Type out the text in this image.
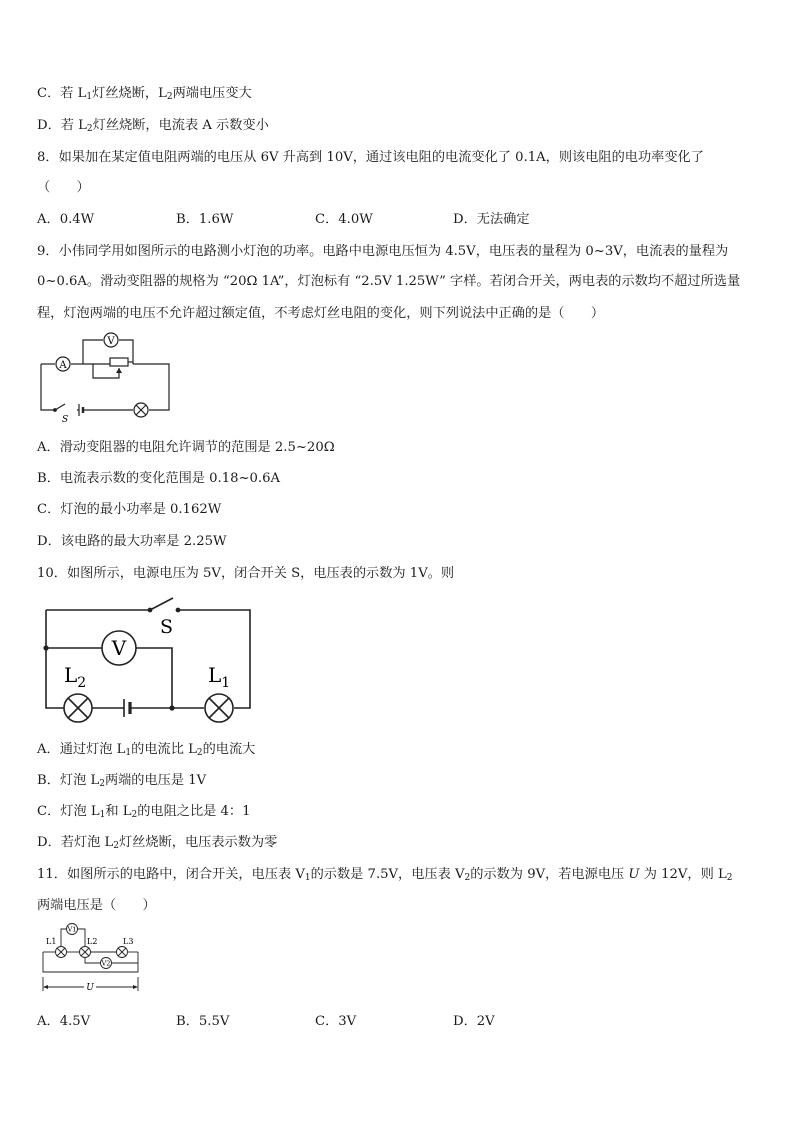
C．若 $L_1$灯丝烧断，$L_2$两端电压变大
D．若 $L_2$灯丝烧断，电流表 A 示数变小
8．如果加在某定值电阻两端的电压从 6V 升高到 10V，通过该电阻的电流变化了 0.1A，则该电阻的电功率变化了
（　　）
A．0.4W	B．1.6W	C．4.0W	D．无法确定
9．小伟同学用如图所示的电路测小灯泡的功率。电路中电源电压恒为 4.5V，电压表的量程为 0~3V，电流表的量程为
0~0.6A。滑动变阻器的规格为 “20Ω 1A”，灯泡标有 “2.5V 1.25W” 字样。若闭合开关，两电表的示数均不超过所选量
程，灯泡两端的电压不允许超过额定值，不考虑灯丝电阻的变化，则下列说法中正确的是（　　）
A
V
S
A．滑动变阻器的电阻允许调节的范围是 2.5~20Ω
B．电流表示数的变化范围是 0.18~0.6A
C．灯泡的最小功率是 0.162W
D．该电路的最大功率是 2.25W
10．如图所示，电源电压为 5V，闭合开关 S，电压表的示数为 1V。则
S
V
$L_2$	$L_1$
A．通过灯泡 $L_1$的电流比 $L_2$的电流大
B．灯泡 $L_2$两端的电压是 1V
C．灯泡 $L_1$和 $L_2$的电阻之比是 4：1
D．若灯泡 $L_2$灯丝烧断，电压表示数为零
11．如图所示的电路中，闭合开关，电压表 $V_1$的示数是 7.5V，电压表 $V_2$的示数为 9V，若电源电压 U 为 12V，则 $L_2$
两端电压是（　　）
V1
V2
L1	L2	L3
U
A．4.5V	B．5.5V	C．3V	D．2V
